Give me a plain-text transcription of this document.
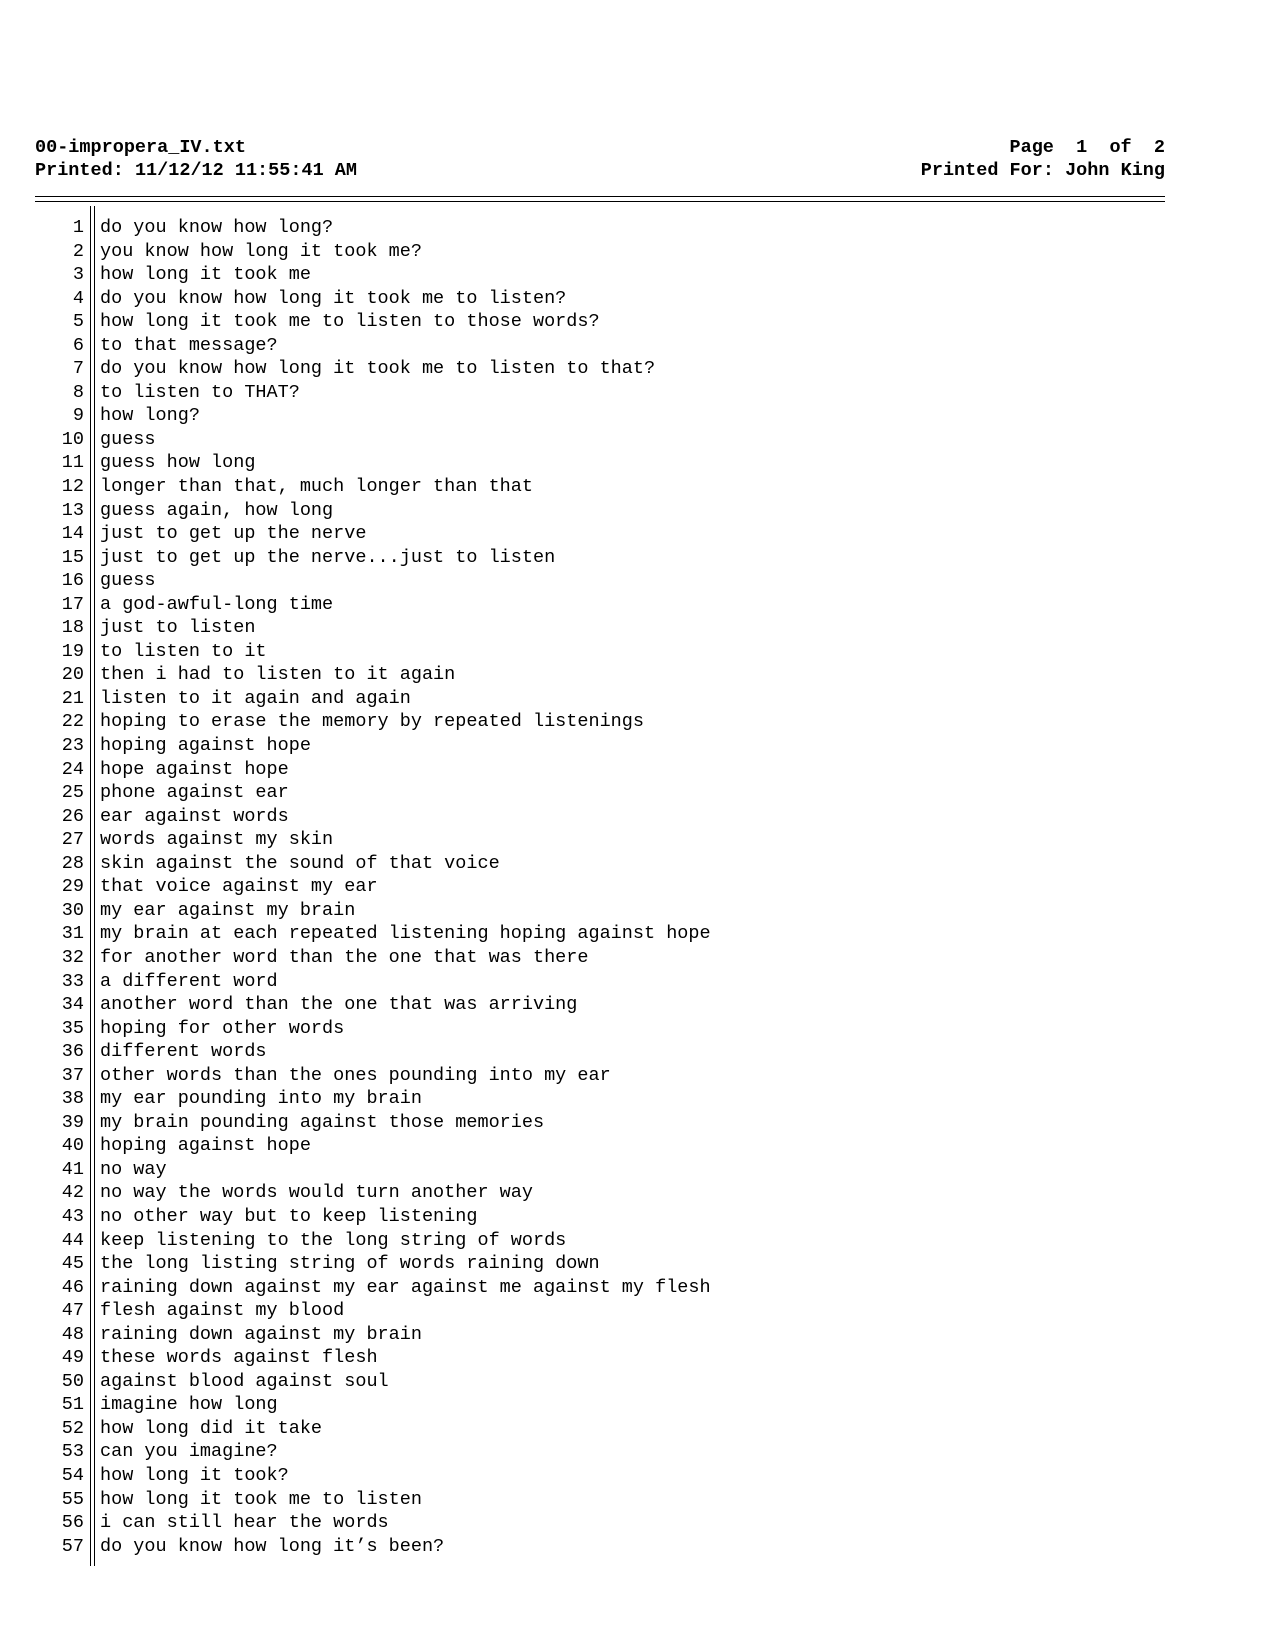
00-impropera_IV.txt	Page 1 of 2
Printed: 11/12/12 11:55:41 AM	Printed For: John King
1 do you know how long?
2 you know how long it took me?
3 how long it took me
4 do you know how long it took me to listen?
5 how long it took me to listen to those words?
6 to that message?
7 do you know how long it took me to listen to that?
8 to listen to THAT?
9 how long?
10 guess
11 guess how long
12 longer than that, much longer than that
13 guess again, how long
14 just to get up the nerve
15 just to get up the nerve...just to listen
16 guess
17 a god-awful-long time
18 just to listen
19 to listen to it
20 then i had to listen to it again
21 listen to it again and again
22 hoping to erase the memory by repeated listenings
23 hoping against hope
24 hope against hope
25 phone against ear
26 ear against words
27 words against my skin
28 skin against the sound of that voice
29 that voice against my ear
30 my ear against my brain
31 my brain at each repeated listening hoping against hope
32 for another word than the one that was there
33 a different word
34 another word than the one that was arriving
35 hoping for other words
36 different words
37 other words than the ones pounding into my ear
38 my ear pounding into my brain
39 my brain pounding against those memories
40 hoping against hope
41 no way
42 no way the words would turn another way
43 no other way but to keep listening
44 keep listening to the long string of words
45 the long listing string of words raining down
46 raining down against my ear against me against my flesh
47 flesh against my blood
48 raining down against my brain
49 these words against flesh
50 against blood against soul
51 imagine how long
52 how long did it take
53 can you imagine?
54 how long it took?
55 how long it took me to listen
56 i can still hear the words
57 do you know how long it’s been?
